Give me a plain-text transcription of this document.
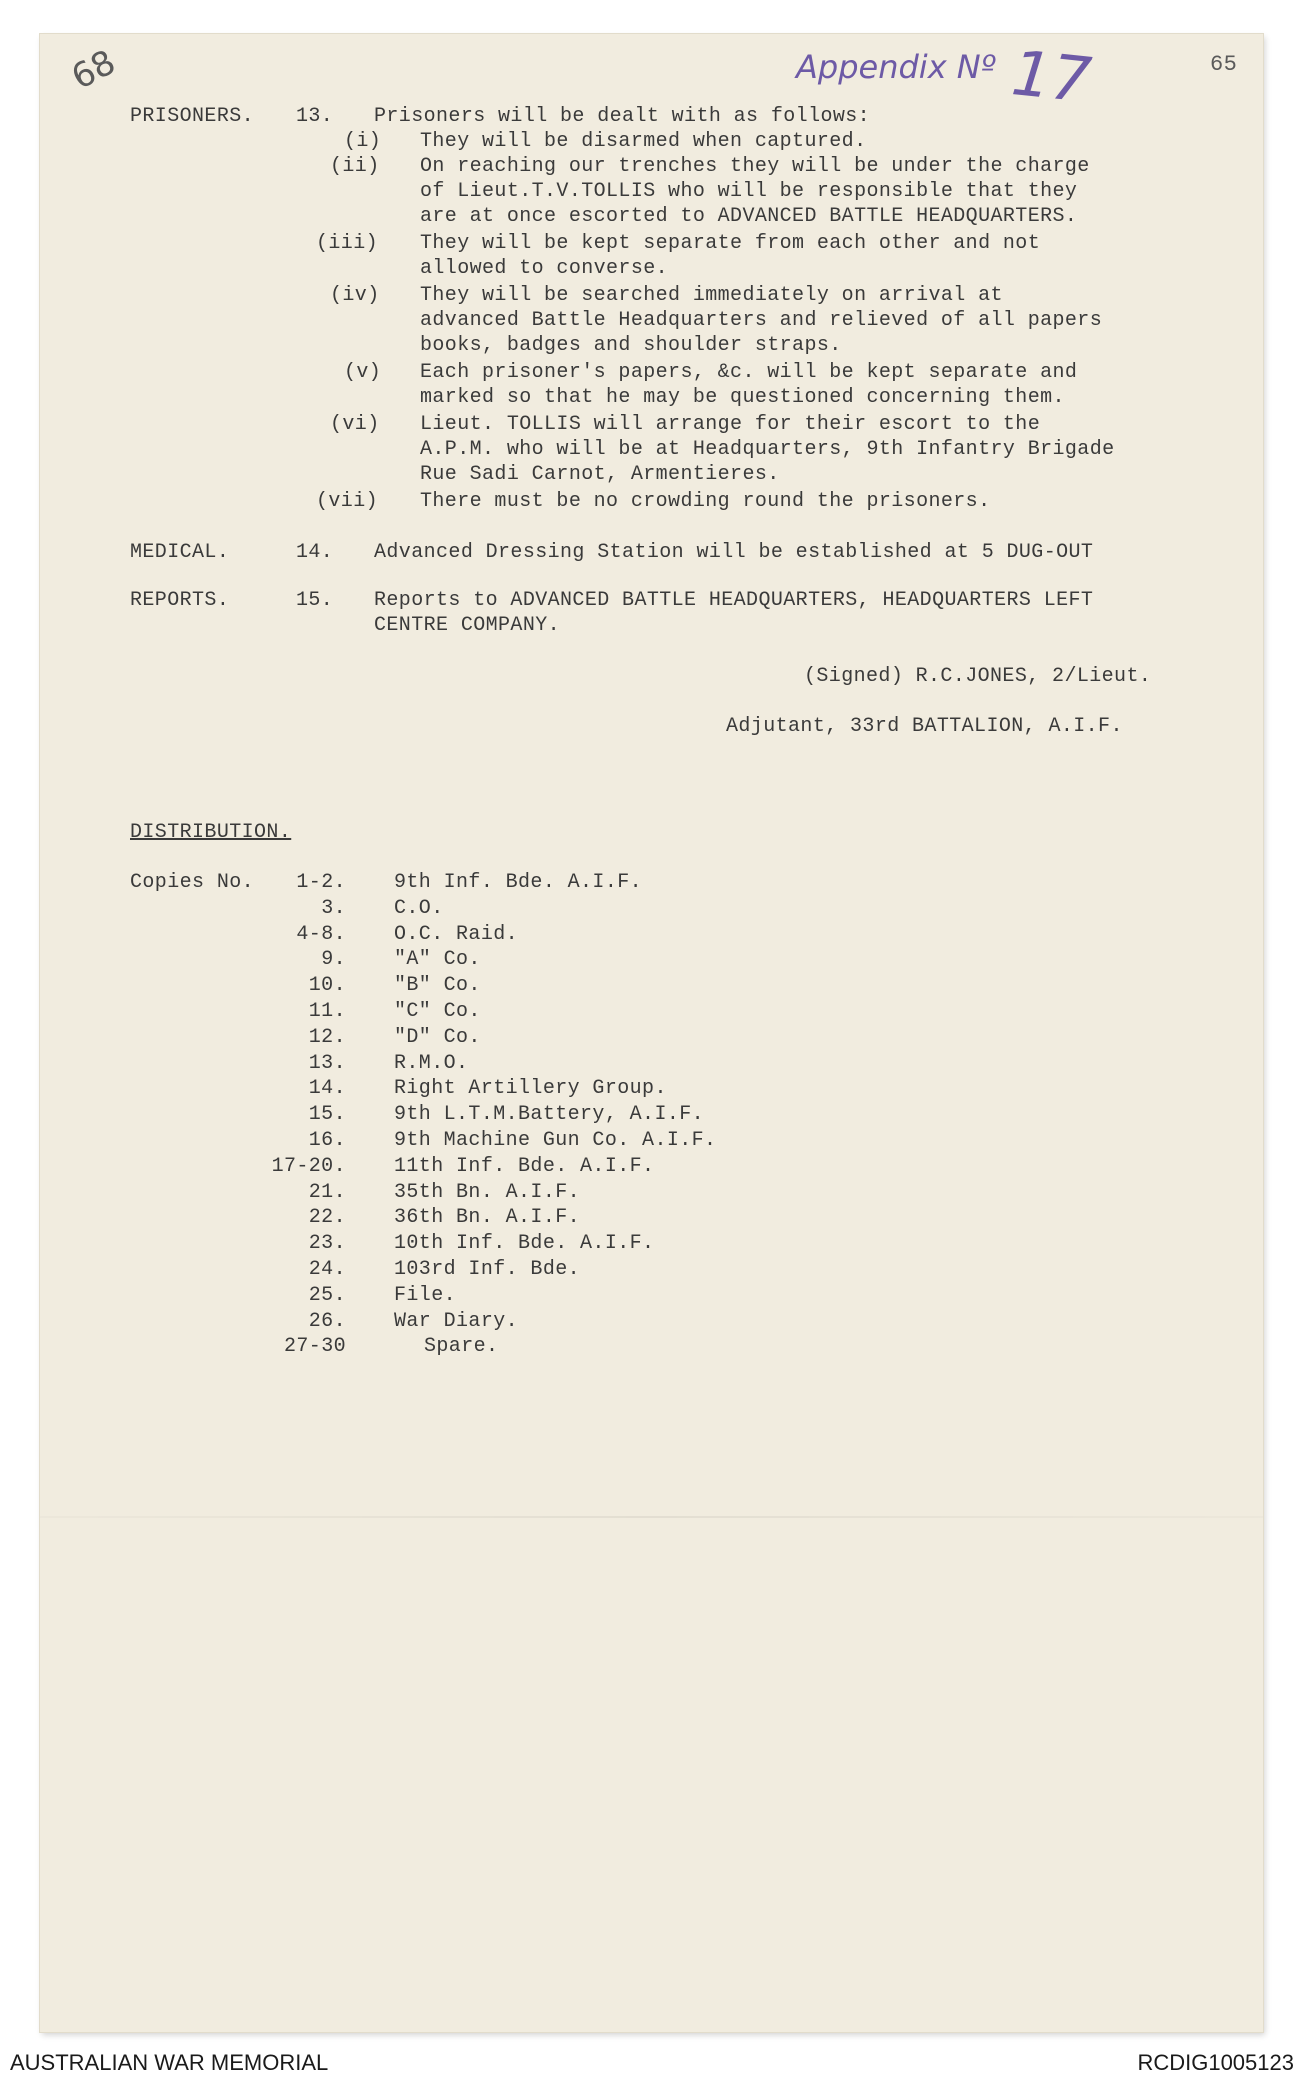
68	Appendix Nº 17	65
PRISONERS. 13. Prisoners will be dealt with as follows:
(i) They will be disarmed when captured.
(ii) On reaching our trenches they will be under the charge
of Lieut.T.V.TOLLIS who will be responsible that they
are at once escorted to ADVANCED BATTLE HEADQUARTERS.
(iii) They will be kept separate from each other and not
allowed to converse.
(iv) They will be searched immediately on arrival at
advanced Battle Headquarters and relieved of all papers
books, badges and shoulder straps.
(v) Each prisoner's papers, &c. will be kept separate and
marked so that he may be questioned concerning them.
(vi) Lieut. TOLLIS will arrange for their escort to the
A.P.M. who will be at Headquarters, 9th Infantry Brigade
Rue Sadi Carnot, Armentieres.
(vii) There must be no crowding round the prisoners.
MEDICAL.	14. Advanced Dressing Station will be established at 5 DUG-OUT
REPORTS.	15. Reports to ADVANCED BATTLE HEADQUARTERS, HEADQUARTERS LEFT
CENTRE COMPANY.
(Signed) R.C.JONES, 2/Lieut.
Adjutant, 33rd BATTALION, A.I.F.
DISTRIBUTION.
Copies No. 1-2. 9th Inf. Bde. A.I.F.
3. C.O.
4-8. O.C. Raid.
9. "A" Co.
10. "B" Co.
11. "C" Co.
12. "D" Co.
13. R.M.O.
14. Right Artillery Group.
15. 9th L.T.M.Battery, A.I.F.
16. 9th Machine Gun Co. A.I.F.
17-20. 11th Inf. Bde. A.I.F.
21. 35th Bn. A.I.F.
22. 36th Bn. A.I.F.
23. 10th Inf. Bde. A.I.F.
24. 103rd Inf. Bde.
25. File.
26. War Diary.
27-30	Spare.
AUSTRALIAN WAR MEMORIAL	RCDIG1005123
